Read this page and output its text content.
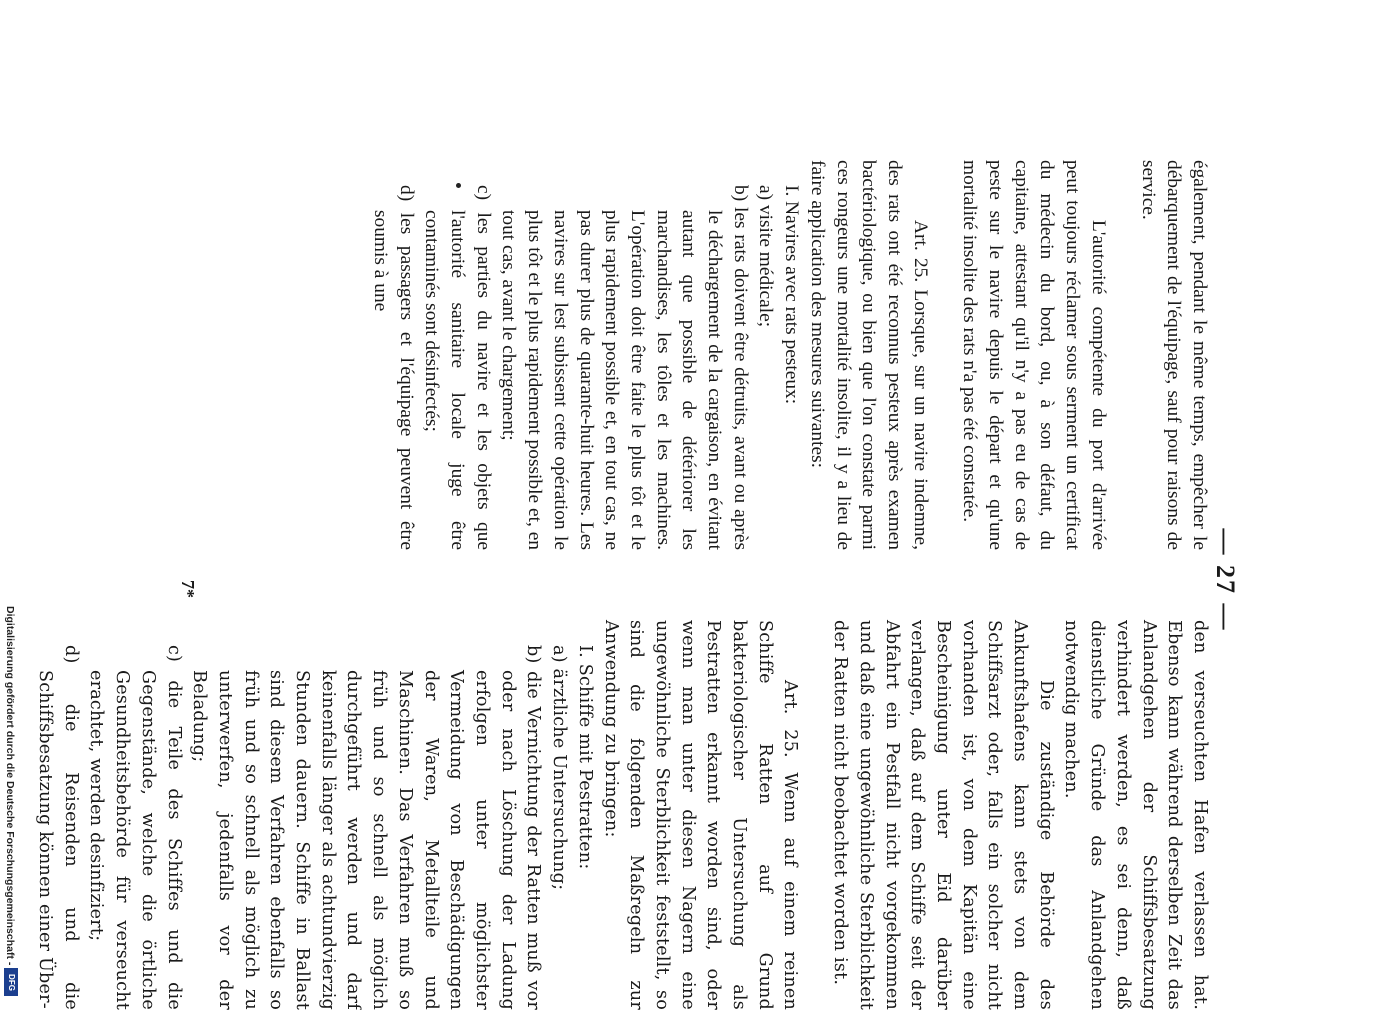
— 27 —

également, pendant le même temps, empêcher le débarquement de l'équipage, sauf pour raisons de service.

L'autorité compétente du port d'arrivée peut toujours réclamer sous serment un certificat du médecin du bord, ou, à son défaut, du capitaine, attestant qu'il n'y a pas eu de cas de peste sur le navire depuis le départ et qu'une mortalité insolite des rats n'a pas été constatée.

Art. 25. Lorsque, sur un navire indemne, des rats ont été reconnus pesteux après examen bactériologique, ou bien que l'on constate parmi ces rongeurs une mortalité insolite, il y a lieu de faire application des mesures suivantes:

I. Navires avec rats pesteux:

a) visite médicale;

b) les rats doivent être détruits, avant ou après le déchargement de la cargaison, en évitant autant que possible de détériorer les marchandises, les tôles et les machines. L'opération doit être faite le plus tôt et le plus rapidement possible et, en tout cas, ne pas durer plus de quarante-huit heures. Les navires sur lest subissent cette opération le plus tôt et le plus rapidement possible et, en tout cas, avant le chargement;

c) les parties du navire et les objets que l'autorité sanitaire locale juge être contaminés sont désinfectés;

d) les passagers et l'équipage peuvent être soumis à une

den verseuchten Hafen verlassen hat. Ebenso kann während derselben Zeit das Anlandgehen der Schiffsbesatzung verhindert werden, es sei denn, daß dienstliche Gründe das Anlandgehen notwendig machen.

Die zuständige Behörde des Ankunftshafens kann stets von dem Schiffsarzt oder, falls ein solcher nicht vorhanden ist, von dem Kapitän eine Bescheinigung unter Eid darüber verlangen, daß auf dem Schiffe seit der Abfahrt ein Pestfall nicht vorgekommen und daß eine ungewöhnliche Sterblichkeit der Ratten nicht beobachtet worden ist.

Art. 25. Wenn auf einem reinen Schiffe Ratten auf Grund bakteriologischer Untersuchung als Pestratten erkannt worden sind, oder wenn man unter diesen Nagern eine ungewöhnliche Sterblichkeit feststellt, so sind die folgenden Maßregeln zur Anwendung zu bringen:

I. Schiffe mit Pestratten:

a) ärztliche Untersuchung;

b) die Vernichtung der Ratten muß vor oder nach Löschung der Ladung erfolgen unter möglichster Vermeidung von Beschädigungen der Waren, Metallteile und Maschinen. Das Verfahren muß so früh und so schnell als möglich durchgeführt werden und darf keinenfalls länger als achtundvierzig Stunden dauern. Schiffe in Ballast sind diesem Verfahren ebenfalls so früh und so schnell als möglich zu unterwerfen, jedenfalls vor der Beladung;

c) die Teile des Schiffes und die Gegenstände, welche die örtliche Gesundheitsbehörde für verseucht erachtet, werden desinfiziert;

d) die Reisenden und die Schiffsbesatzung können einer Über-

7*
Digitalisierung gefördert durch die Deutsche Forschungsgemeinschaft -
DFG
